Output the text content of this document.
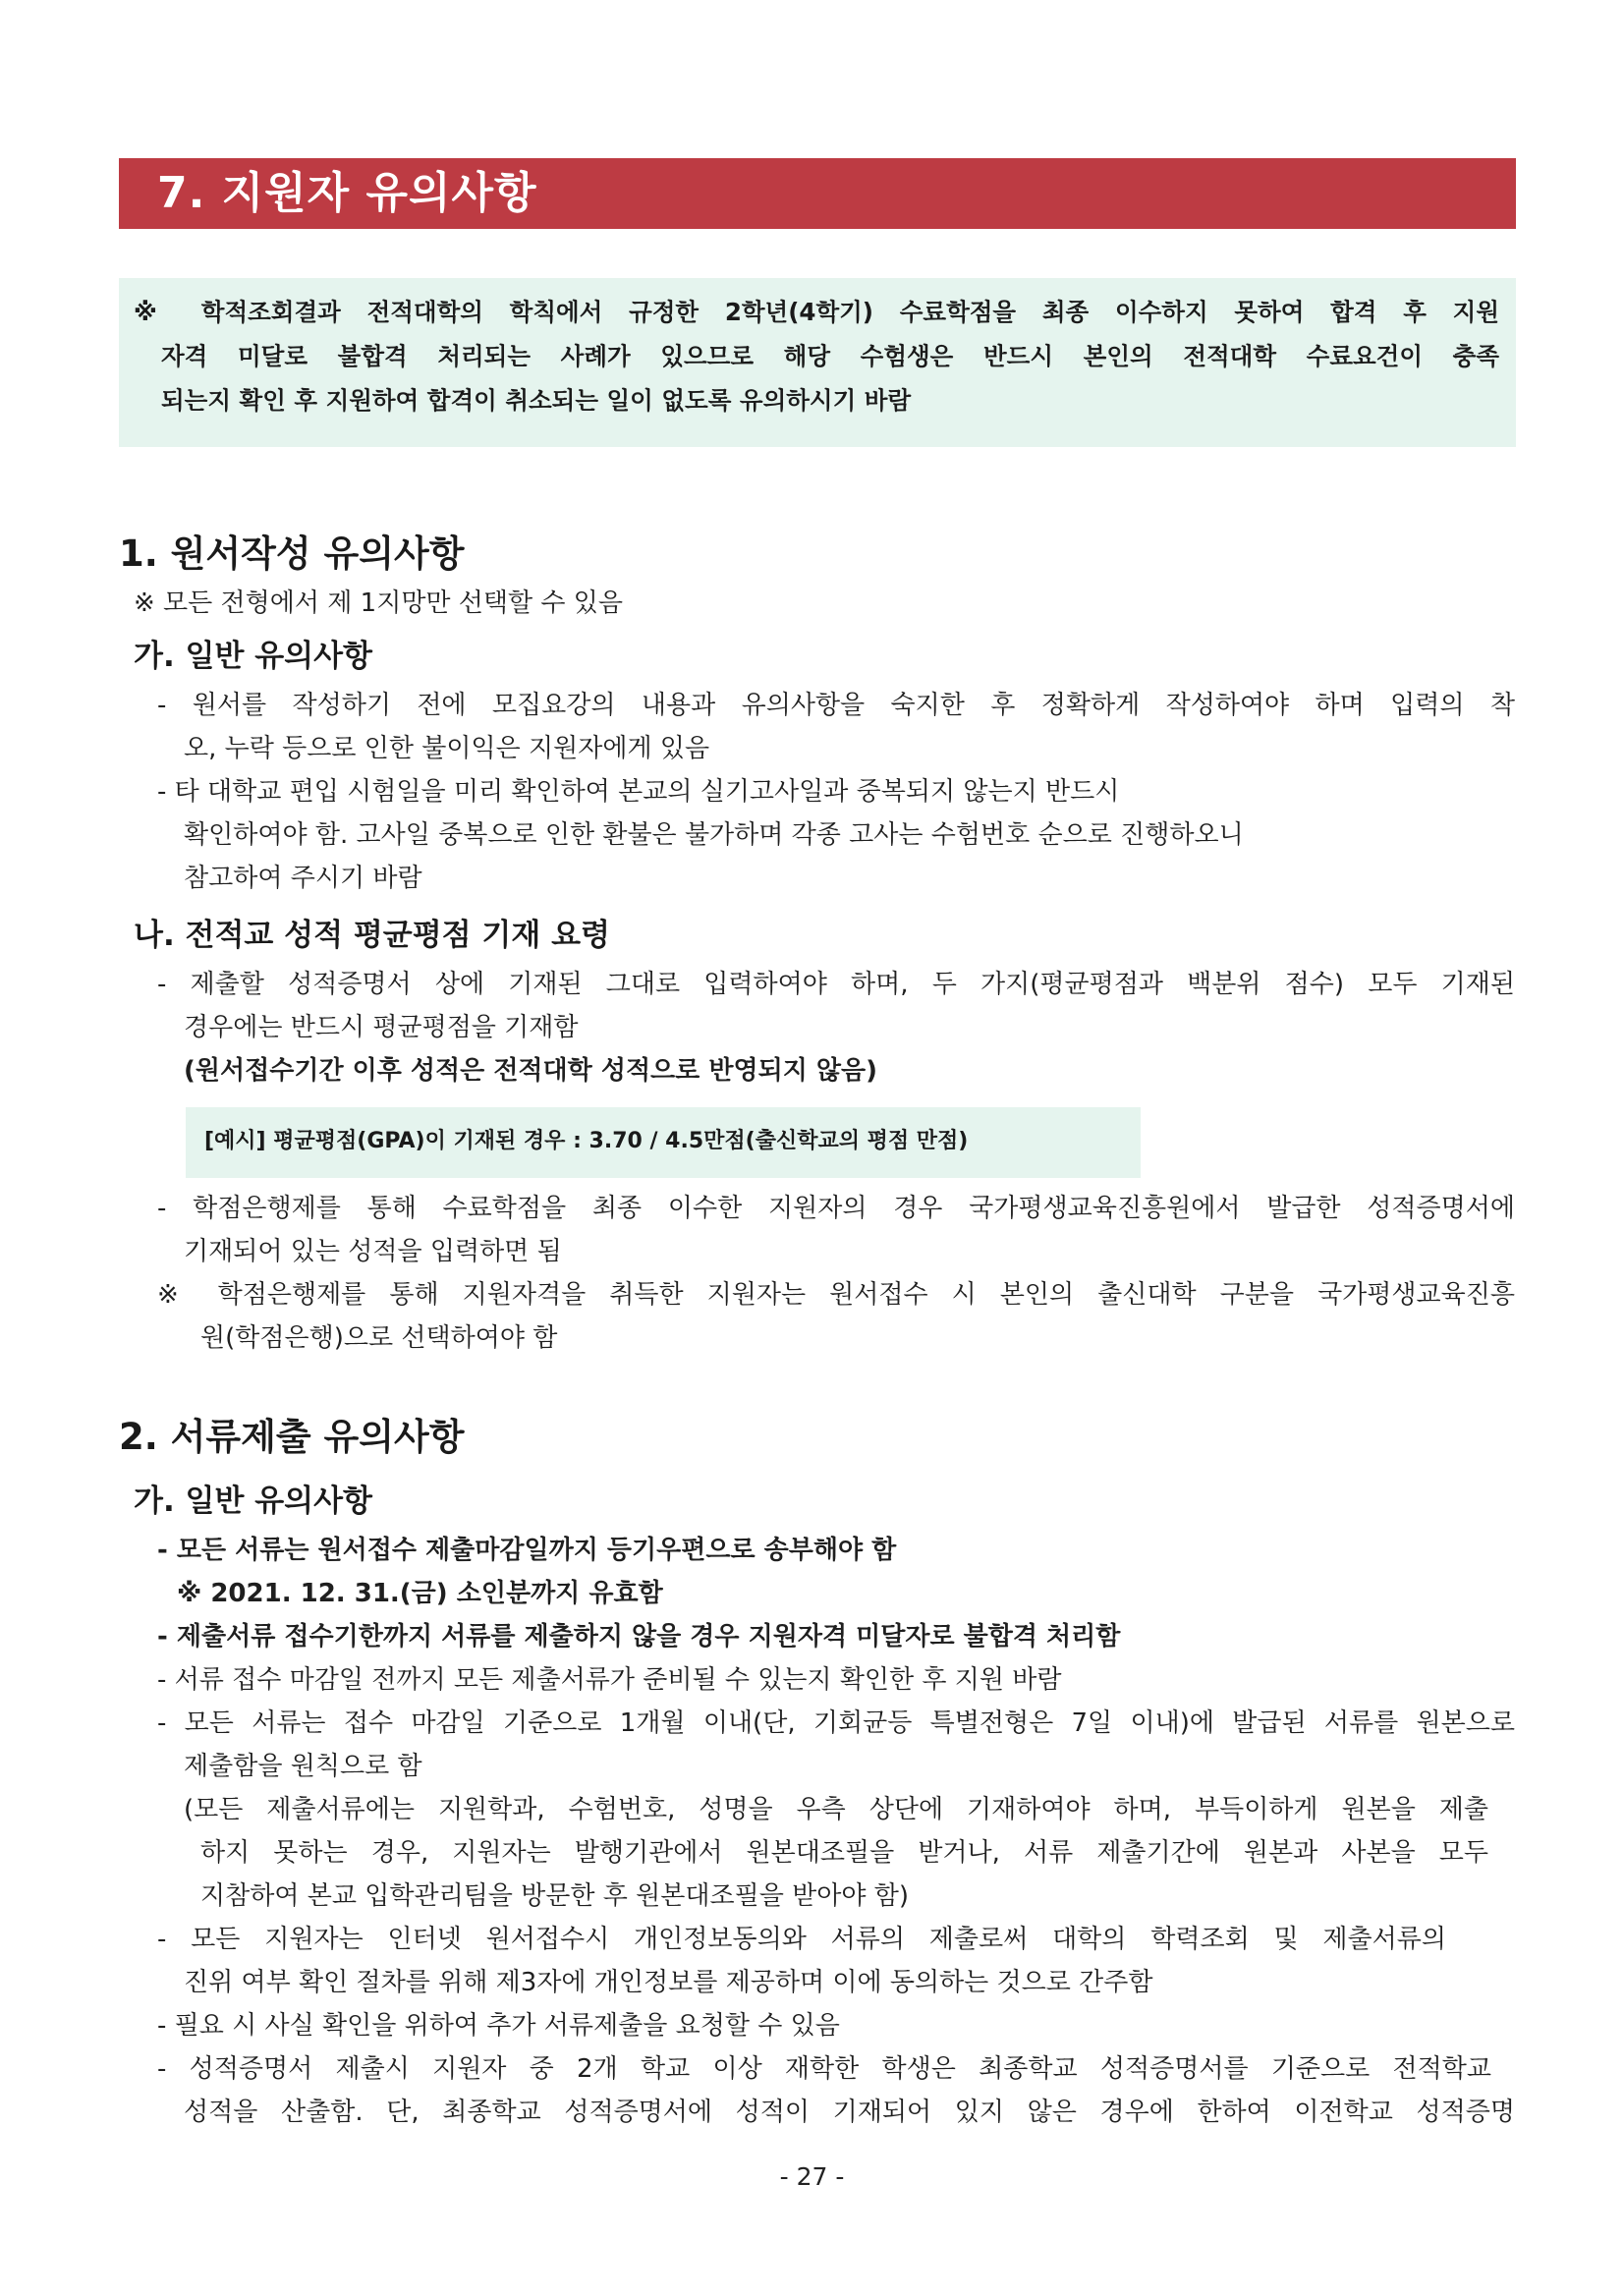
7. 지원자 유의사항
※ 학적조회결과 전적대학의 학칙에서 규정한 2학년(4학기) 수료학점을 최종 이수하지 못하여 합격 후 지원
자격 미달로 불합격 처리되는 사례가 있으므로 해당 수험생은 반드시 본인의 전적대학 수료요건이 충족
되는지 확인 후 지원하여 합격이 취소되는 일이 없도록 유의하시기 바람
1. 원서작성 유의사항
※ 모든 전형에서 제 1지망만 선택할 수 있음
가. 일반 유의사항
- 원서를 작성하기 전에 모집요강의 내용과 유의사항을 숙지한 후 정확하게 작성하여야 하며 입력의 착
오, 누락 등으로 인한 불이익은 지원자에게 있음
- 타 대학교 편입 시험일을 미리 확인하여 본교의 실기고사일과 중복되지 않는지 반드시
확인하여야 함. 고사일 중복으로 인한 환불은 불가하며 각종 고사는 수험번호 순으로 진행하오니
참고하여 주시기 바람
나. 전적교 성적 평균평점 기재 요령
- 제출할 성적증명서 상에 기재된 그대로 입력하여야 하며, 두 가지(평균평점과 백분위 점수) 모두 기재된
경우에는 반드시 평균평점을 기재함
(원서접수기간 이후 성적은 전적대학 성적으로 반영되지 않음)
[예시] 평균평점(GPA)이 기재된 경우 : 3.70 / 4.5만점(출신학교의 평점 만점)
- 학점은행제를 통해 수료학점을 최종 이수한 지원자의 경우 국가평생교육진흥원에서 발급한 성적증명서에
기재되어 있는 성적을 입력하면 됨
※ 학점은행제를 통해 지원자격을 취득한 지원자는 원서접수 시 본인의 출신대학 구분을 국가평생교육진흥
원(학점은행)으로 선택하여야 함
2. 서류제출 유의사항
가. 일반 유의사항
- 모든 서류는 원서접수 제출마감일까지 등기우편으로 송부해야 함
※ 2021. 12. 31.(금) 소인분까지 유효함
- 제출서류 접수기한까지 서류를 제출하지 않을 경우 지원자격 미달자로 불합격 처리함
- 서류 접수 마감일 전까지 모든 제출서류가 준비될 수 있는지 확인한 후 지원 바람
- 모든 서류는 접수 마감일 기준으로 1개월 이내(단, 기회균등 특별전형은 7일 이내)에 발급된 서류를 원본으로
제출함을 원칙으로 함
(모든 제출서류에는 지원학과, 수험번호, 성명을 우측 상단에 기재하여야 하며, 부득이하게 원본을 제출
하지 못하는 경우, 지원자는 발행기관에서 원본대조필을 받거나, 서류 제출기간에 원본과 사본을 모두
지참하여 본교 입학관리팀을 방문한 후 원본대조필을 받아야 함)
- 모든 지원자는 인터넷 원서접수시 개인정보동의와 서류의 제출로써 대학의 학력조회 및 제출서류의
진위 여부 확인 절차를 위해 제3자에 개인정보를 제공하며 이에 동의하는 것으로 간주함
- 필요 시 사실 확인을 위하여 추가 서류제출을 요청할 수 있음
- 성적증명서 제출시 지원자 중 2개 학교 이상 재학한 학생은 최종학교 성적증명서를 기준으로 전적학교
성적을 산출함. 단, 최종학교 성적증명서에 성적이 기재되어 있지 않은 경우에 한하여 이전학교 성적증명
- 27 -
